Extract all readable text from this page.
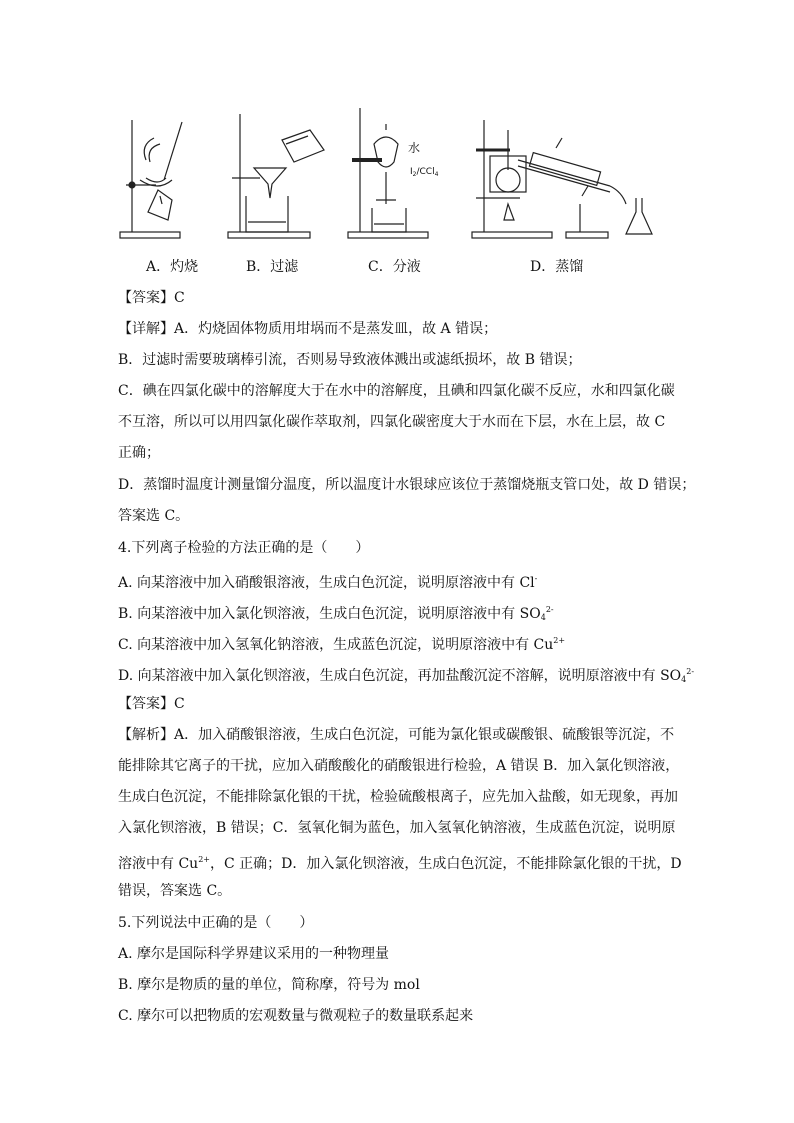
水
$I_2/CCl_4$
A．灼烧	B．过滤	C．分液	D．蒸馏
【答案】C
【详解】A．灼烧固体物质用坩埚而不是蒸发皿，故 A 错误；
B．过滤时需要玻璃棒引流，否则易导致液体溅出或滤纸损坏，故 B 错误；
C．碘在四氯化碳中的溶解度大于在水中的溶解度，且碘和四氯化碳不反应，水和四氯化碳
不互溶，所以可以用四氯化碳作萃取剂，四氯化碳密度大于水而在下层，水在上层，故 C
正确；
D．蒸馏时温度计测量馏分温度，所以温度计水银球应该位于蒸馏烧瓶支管口处，故 D 错误；
答案选 C。
4.下列离子检验的方法正确的是（　　）
A. 向某溶液中加入硝酸银溶液，生成白色沉淀，说明原溶液中有 Cl-
B. 向某溶液中加入氯化钡溶液，生成白色沉淀，说明原溶液中有 $SO_4^{2-}$
C. 向某溶液中加入氢氧化钠溶液，生成蓝色沉淀，说明原溶液中有 $Cu^{2+}$
D. 向某溶液中加入氯化钡溶液，生成白色沉淀，再加盐酸沉淀不溶解，说明原溶液中有 $SO_4^{2-}$
【答案】C
【解析】A．加入硝酸银溶液，生成白色沉淀，可能为氯化银或碳酸银、硫酸银等沉淀，不
能排除其它离子的干扰，应加入硝酸酸化的硝酸银进行检验，A 错误 B．加入氯化钡溶液，
生成白色沉淀，不能排除氯化银的干扰，检验硫酸根离子，应先加入盐酸，如无现象，再加
入氯化钡溶液，B 错误；C．氢氧化铜为蓝色，加入氢氧化钠溶液，生成蓝色沉淀，说明原
溶液中有 $Cu^{2+}$，C 正确；D．加入氯化钡溶液，生成白色沉淀，不能排除氯化银的干扰，D
错误，答案选 C。
5.下列说法中正确的是（　　）
A. 摩尔是国际科学界建议采用的一种物理量
B. 摩尔是物质的量的单位，简称摩，符号为 mol
C. 摩尔可以把物质的宏观数量与微观粒子的数量联系起来
